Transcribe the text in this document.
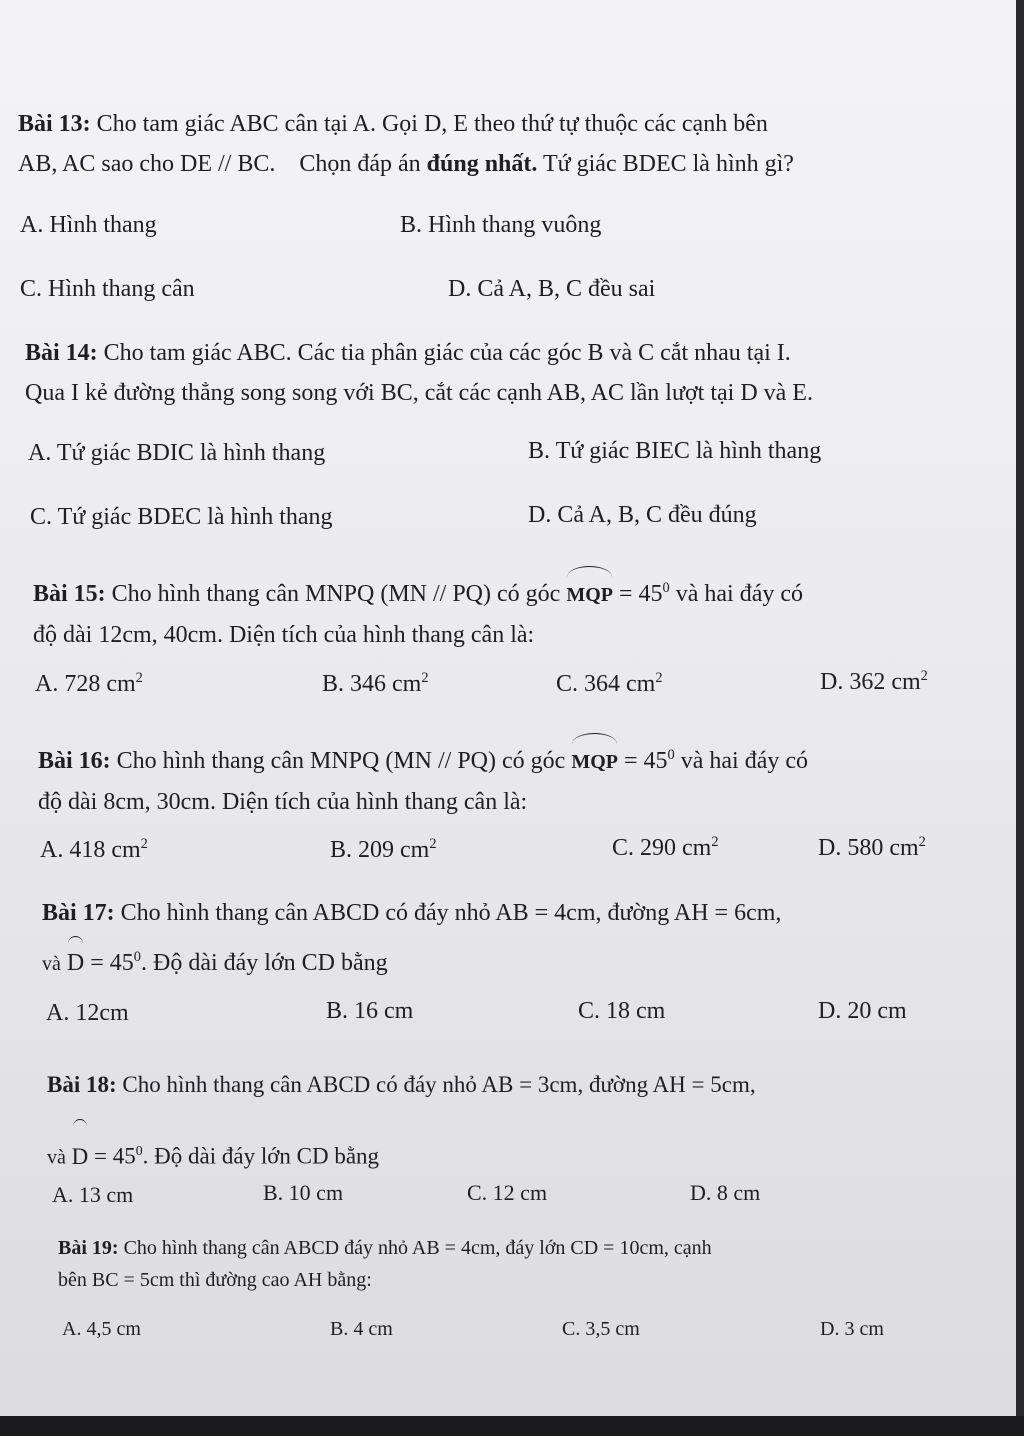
Bài 13: Cho tam giác ABC cân tại A. Gọi D, E theo thứ tự thuộc các cạnh bên
AB, AC sao cho DE // BC. Chọn đáp án đúng nhất. Tứ giác BDEC là hình gì?
A. Hình thang	B. Hình thang vuông
C. Hình thang cân	D. Cả A, B, C đều sai
Bài 14: Cho tam giác ABC. Các tia phân giác của các góc B và C cắt nhau tại I.
Qua I kẻ đường thẳng song song với BC, cắt các cạnh AB, AC lần lượt tại D và E.
A. Tứ giác BDIC là hình thang	B. Tứ giác BIEC là hình thang
C. Tứ giác BDEC là hình thang	D. Cả A, B, C đều đúng
Bài 15: Cho hình thang cân MNPQ (MN // PQ) có góc MQP = $45^0$ và hai đáy có
độ dài 12cm, 40cm. Diện tích của hình thang cân là:
A. 728 $cm^2$	B. 346 $cm^2$	C. 364 $cm^2$	D. 362 $cm^2$
Bài 16: Cho hình thang cân MNPQ (MN // PQ) có góc MQP = $45^0$ và hai đáy có
độ dài 8cm, 30cm. Diện tích của hình thang cân là:
A. 418 $cm^2$	B. 209 $cm^2$	C. 290 $cm^2$	D. 580 $cm^2$
Bài 17: Cho hình thang cân ABCD có đáy nhỏ AB = 4cm, đường AH = 6cm,
và $D = 45^0$. Độ dài đáy lớn CD bằng
A. 12cm	B. 16 cm	C. 18 cm	D. 20 cm
Bài 18: Cho hình thang cân ABCD có đáy nhỏ AB = 3cm, đường AH = 5cm,
và $D = 45^0$. Độ dài đáy lớn CD bằng
A. 13 cm	B. 10 cm	C. 12 cm	D. 8 cm
Bài 19: Cho hình thang cân ABCD đáy nhỏ AB = 4cm, đáy lớn CD = 10cm, cạnh
bên BC = 5cm thì đường cao AH bằng:
A. 4,5 cm	B. 4 cm	C. 3,5 cm	D. 3 cm
